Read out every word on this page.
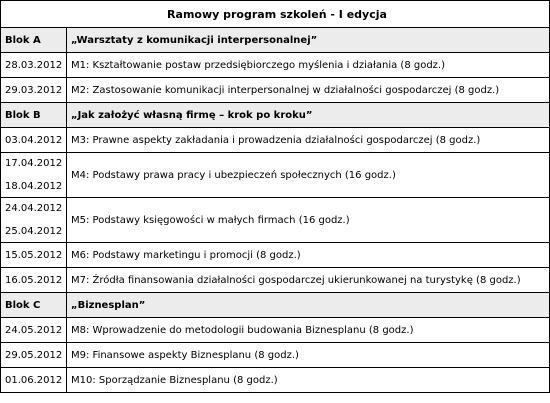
Ramowy program szkoleń - I edycja	
Blok A	„Warsztaty z komunikacji interpersonalnej”

28.03.2012	M1: Kształtowanie postaw przedsiębiorczego myślenia i działania (8 godz.)

29.03.2012	M2: Zastosowanie komunikacji interpersonalnej w działalności gospodarczej (8 godz.)
Blok B	„Jak założyć własną firmę – krok po kroku”

03.04.2012	M3: Prawne aspekty zakładania i prowadzenia działalności gospodarczej (8 godz.)

17.04.2012
18.04.2012	M4: Podstawy prawa pracy i ubezpieczeń społecznych (16 godz.)

24.04.2012
25.04.2012	M5: Podstawy księgowości w małych firmach (16 godz.)

15.05.2012	M6: Podstawy marketingu i promocji (8 godz.)

16.05.2012	M7: Źródła finansowania działalności gospodarczej ukierunkowanej na turystykę (8 godz.)
Blok C	„Biznesplan”

24.05.2012	M8: Wprowadzenie do metodologii budowania Biznesplanu (8 godz.)

29.05.2012	M9: Finansowe aspekty Biznesplanu (8 godz.)

01.06.2012	M10: Sporządzanie Biznesplanu (8 godz.)
